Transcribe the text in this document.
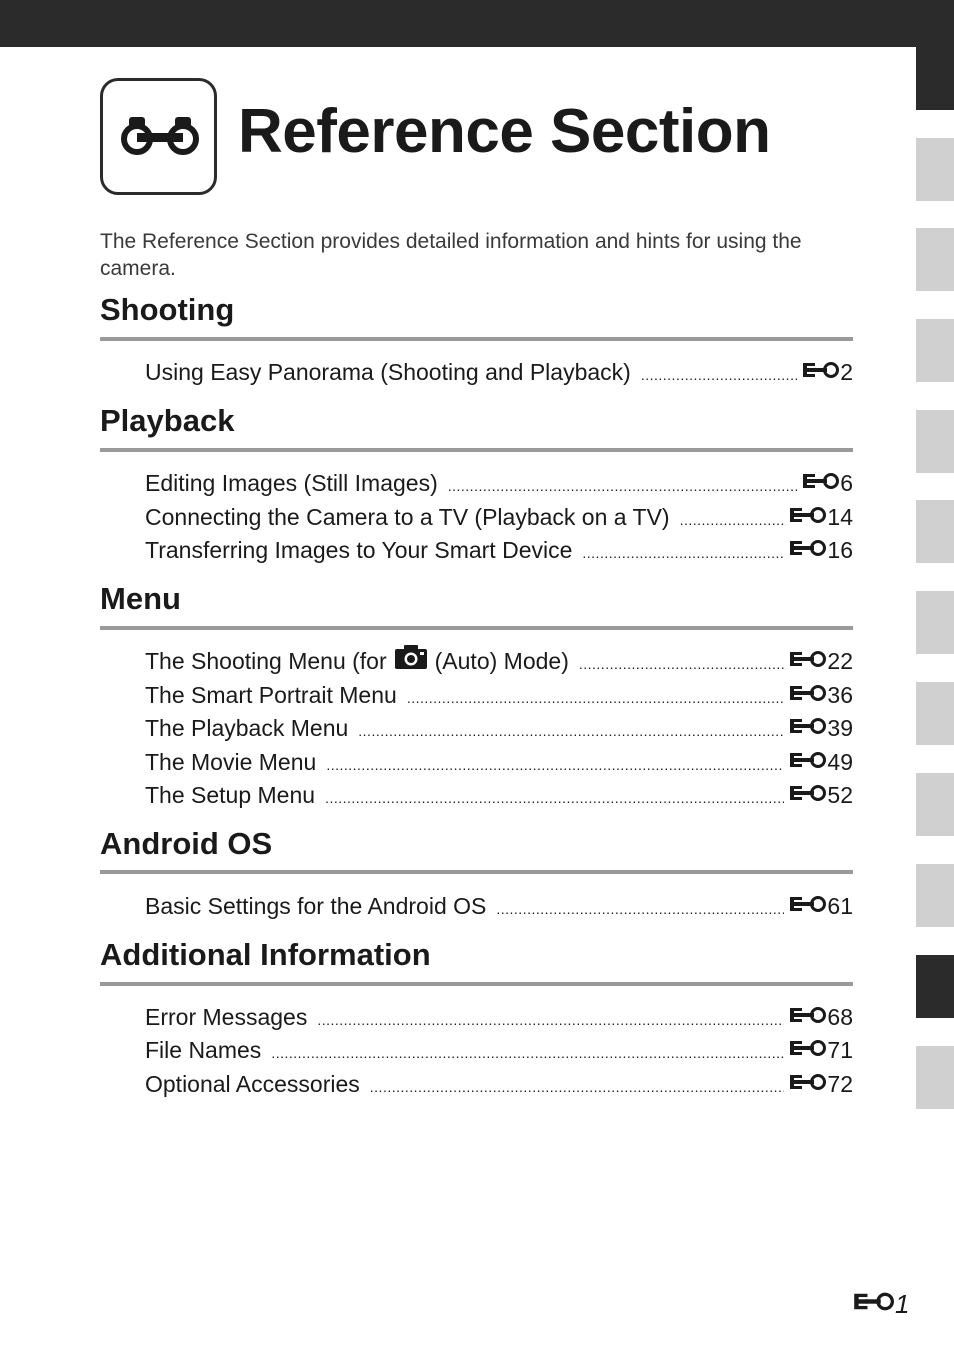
Reference Section

The Reference Section provides detailed information and hints for using the camera.

Shooting
Using Easy Panorama (Shooting and Playback) .....	2
Playback
Editing Images (Still Images) .....	6
Connecting the Camera to a TV (Playback on a TV) .....	14
Transferring Images to Your Smart Device .....	16
Menu
The Shooting Menu (for (Auto) Mode) .....	22
The Smart Portrait Menu .....	36
The Playback Menu .....	39
The Movie Menu .....	49
The Setup Menu .....	52
Android OS
Basic Settings for the Android OS .....	61
Additional Information
Error Messages .....	68
File Names .....	71
Optional Accessories .....	72
1
